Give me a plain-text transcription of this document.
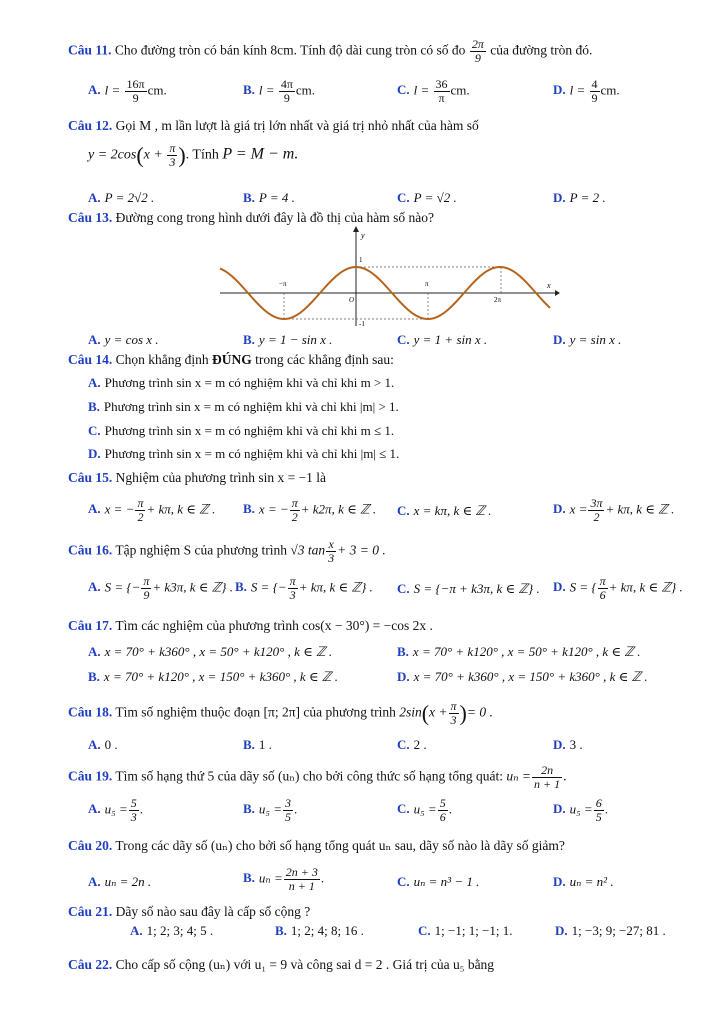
Câu 11. Cho đường tròn có bán kính 8cm. Tính độ dài cung tròn có số đo $\frac{2\pi}{9}$ của đường tròn đó.
A. $l = \frac{16\pi}{9}$ cm.	B. $l = \frac{4\pi}{9}$ cm.	C. $l = \frac{36}{\pi}$ cm.	D. $l = \frac{4}{9}$ cm.
Câu 12. Gọi M , m lần lượt là giá trị lớn nhất và giá trị nhỏ nhất của hàm số
$y = 2\cos(x + \frac{\pi}{3}$ ). Tính P = M − m.
A. P = 2√2 .	B. P = 4 .	C. P = √2 .	D. P = 2 .
Câu 13. Đường cong trong hình dưới đây là đồ thị của hàm số nào?
y
x
1
-1
−π	π
2π
O
A. y = cos x .	B. y = 1 − sin x .	C. y = 1 + sin x .	D. y = sin x .
Câu 14. Chọn khẳng định ĐÚNG trong các khẳng định sau:
A. Phương trình sin x = m có nghiệm khi và chỉ khi m > 1.
B. Phương trình sin x = m có nghiệm khi và chỉ khi |m| > 1.
C. Phương trình sin x = m có nghiệm khi và chỉ khi m ≤ 1.
D. Phương trình sin x = m có nghiệm khi và chỉ khi |m| ≤ 1.
Câu 15. Nghiệm của phương trình sin x = −1 là
A. x = − $\frac{\pi}{2} + k\pi$, k ∈ ℤ . B. x = − $\frac{\pi}{2} + k2\pi$, k ∈ ℤ . C. x = kπ, k ∈ ℤ .	D. $x = \frac{3\pi}{2} + k\pi$, k ∈ ℤ .
Câu 16. Tập nghiệm S của phương trình √3 $\tan \frac{x}{3} + 3 = 0$ .
A. S = {− $\frac{\pi}{9} + k3\pi$, k ∈ ℤ} . B. S = {− $\frac{\pi}{3} + k\pi$, k ∈ ℤ} . C. S = {−π + k3π, k ∈ ℤ} . D. S = { $\frac{\pi}{6} + k\pi$, k ∈ ℤ} .
Câu 17. Tìm các nghiệm của phương trình cos(x − 30°) = −cos 2x .
A. x = 70° + k360° , x = 50° + k120° , k ∈ ℤ .	B. x = 70° + k120° , x = 50° + k120° , k ∈ ℤ .
B. x = 70° + k120° , x = 150° + k360° , k ∈ ℤ .	D. x = 70° + k360° , x = 150° + k360° , k ∈ ℤ .
Câu 18. Tìm số nghiệm thuộc đoạn [π; 2π] của phương trình $2\sin(x + \frac{\pi}{3}$ )= 0 .
A. 0 .	B. 1 .	C. 2 .	D. 3 .
Câu 19. Tìm số hạng thứ 5 của dãy số (uₙ) cho bởi công thức số hạng tổng quát: $u_n = \frac{2n}{n + 1}$ .
A. $u_5 = \frac{5}{3}$ .	B. $u_5 = \frac{3}{5}$ .	C. $u_5 = \frac{5}{6}$ .	D. $u_5 = \frac{6}{5}$ .
Câu 20. Trong các dãy số (uₙ) cho bởi số hạng tổng quát uₙ sau, dãy số nào là dãy số giảm?
A. uₙ = 2n .	B. $u_n = \frac{2n + 3}{n + 1}$ .	C. uₙ = n³ − 1 .	D. uₙ = n² .
Câu 21. Dãy số nào sau đây là cấp số cộng ?
A. 1; 2; 3; 4; 5 .	B. 1; 2; 4; 8; 16 .	C. 1; −1; 1; −1; 1.	D. 1; −3; 9; −27; 81 .
Câu 22. Cho cấp số cộng (uₙ) với u₁ = 9 và công sai d = 2 . Giá trị của u₅ bằng
